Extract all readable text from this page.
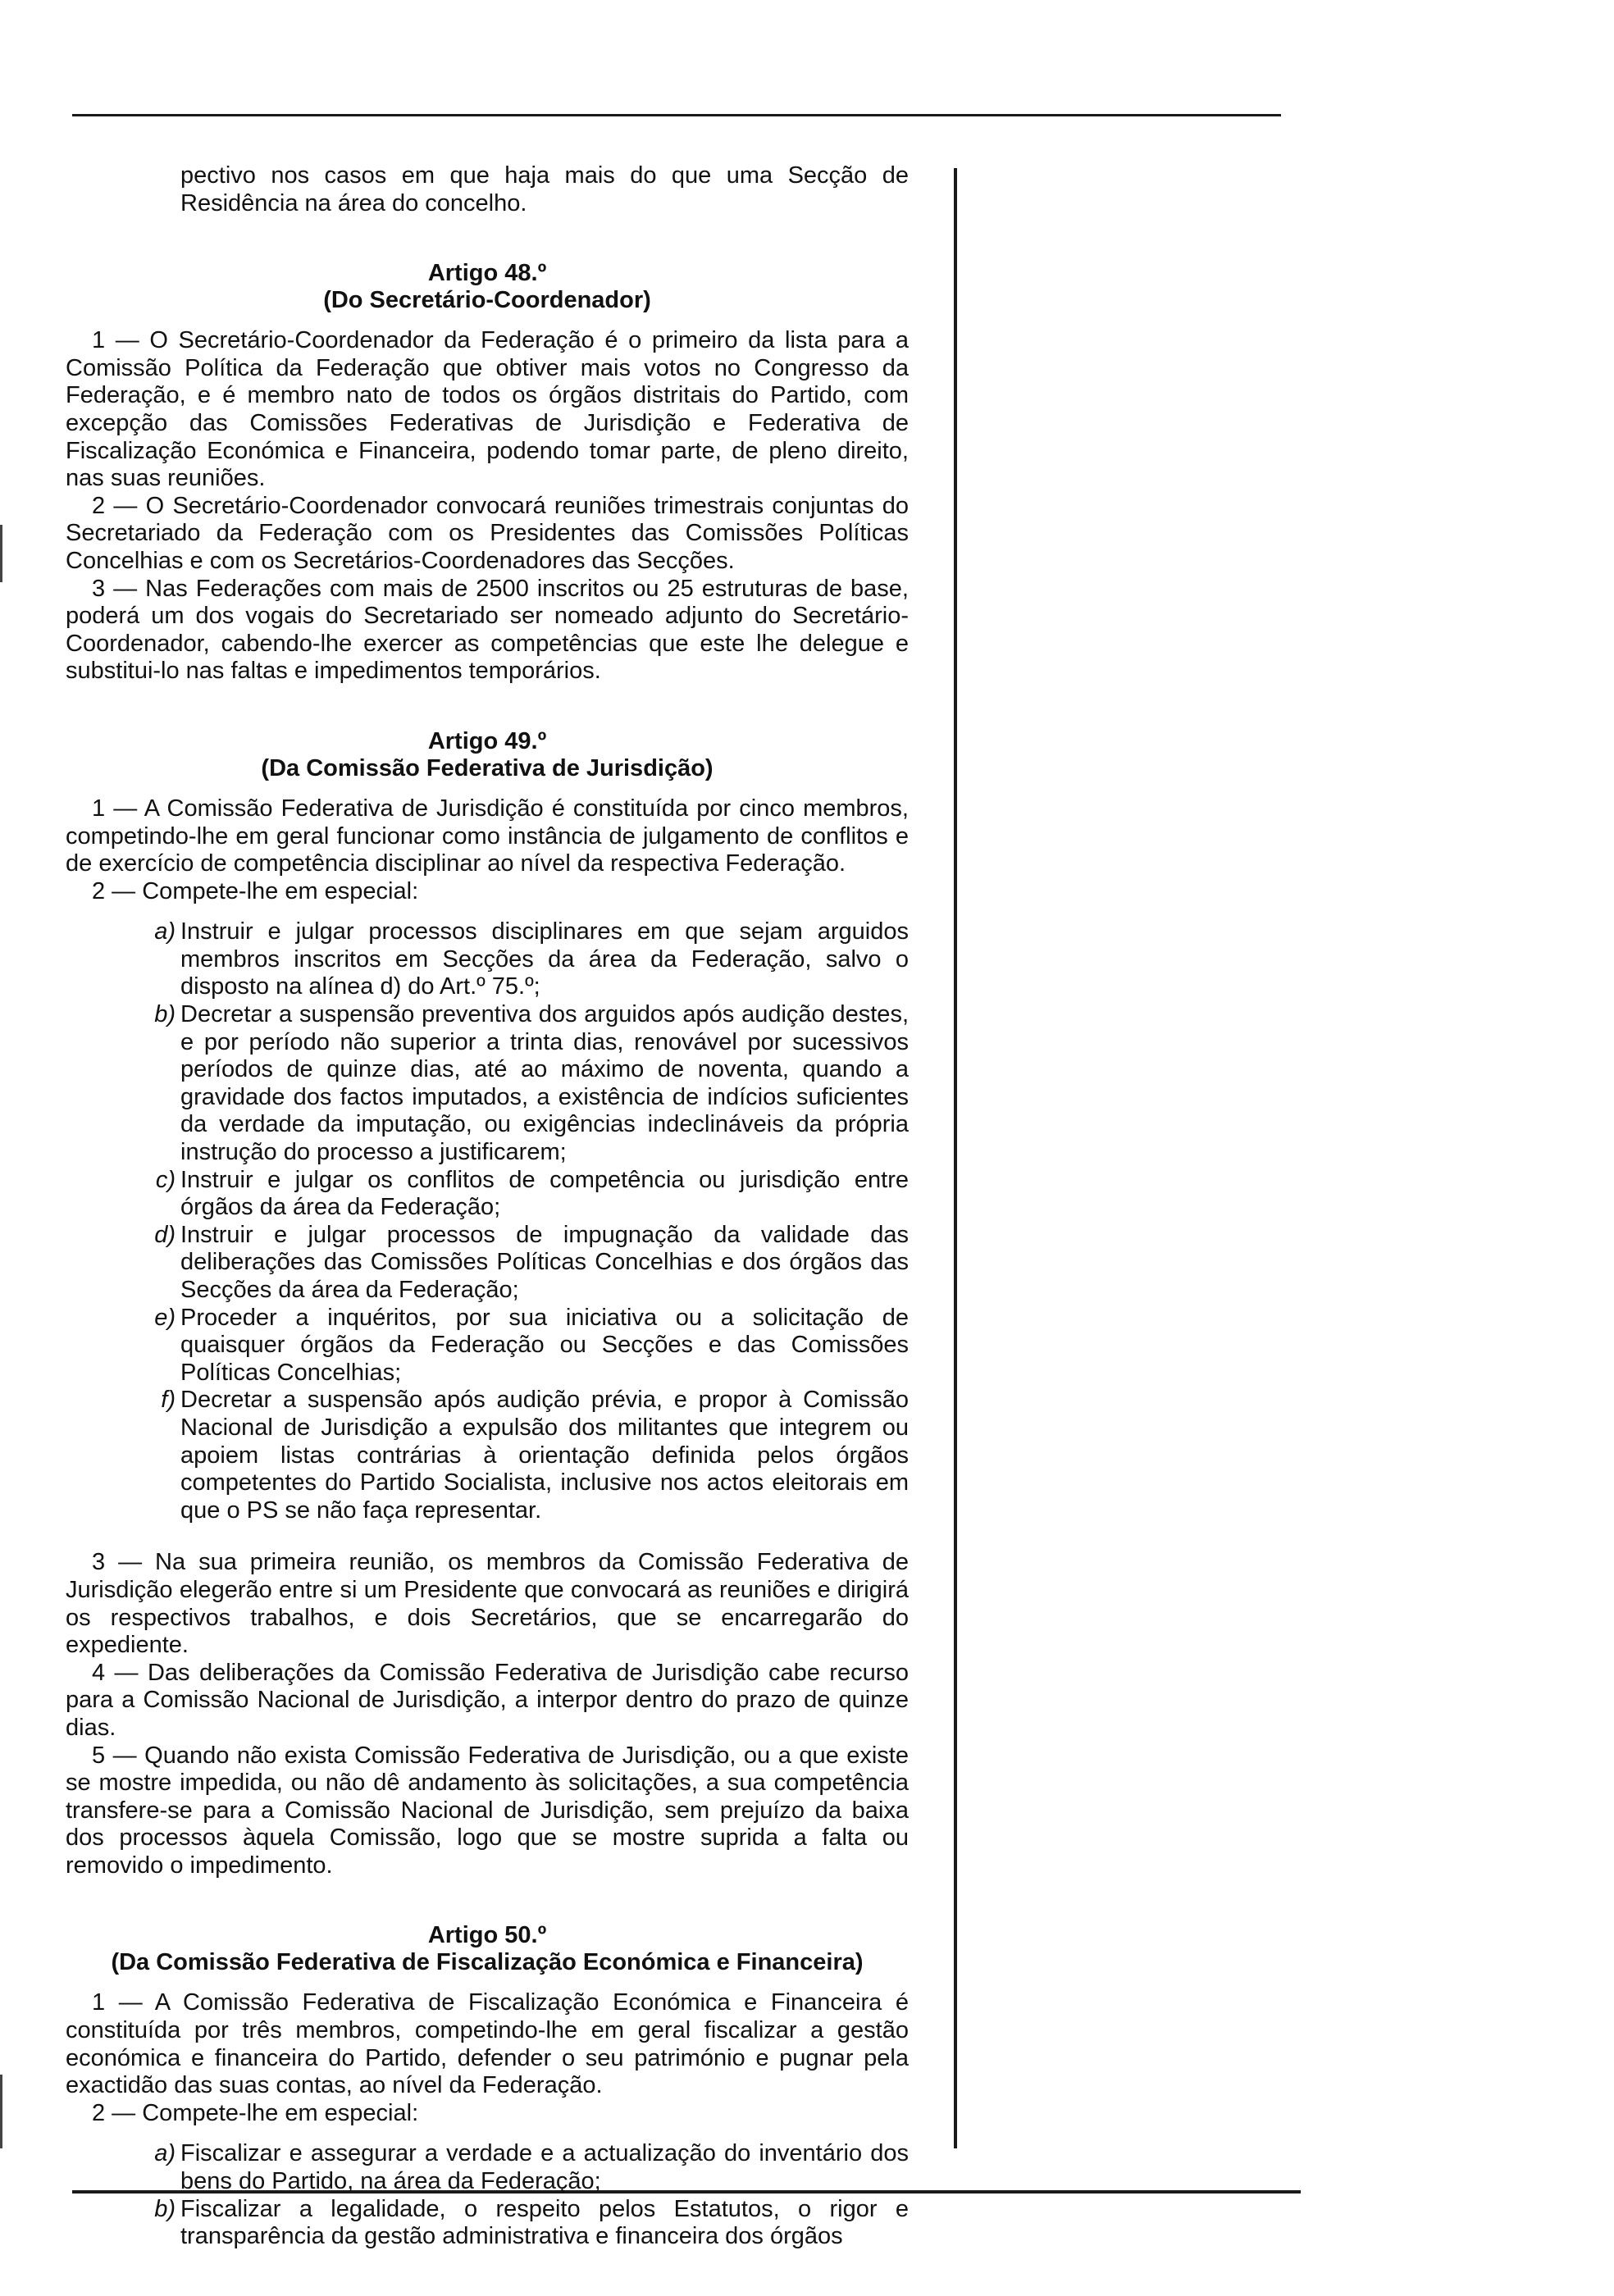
pectivo nos casos em que haja mais do que uma Secção de Residência na área do concelho.

Artigo 48.º
(Do Secretário-Coordenador)

1 — O Secretário-Coordenador da Federação é o primeiro da lista para a Comissão Política da Federação que obtiver mais votos no Congresso da Federação, e é membro nato de todos os órgãos distritais do Partido, com excepção das Comissões Federativas de Jurisdição e Federativa de Fiscalização Económica e Financeira, podendo tomar parte, de pleno direito, nas suas reuniões.

2 — O Secretário-Coordenador convocará reuniões trimestrais conjuntas do Secretariado da Federação com os Presidentes das Comissões Políticas Concelhias e com os Secretários-Coordenadores das Secções.

3 — Nas Federações com mais de 2500 inscritos ou 25 estruturas de base, poderá um dos vogais do Secretariado ser nomeado adjunto do Secretário-Coordenador, cabendo-lhe exercer as competências que este lhe delegue e substitui-lo nas faltas e impedimentos temporários.

Artigo 49.º
(Da Comissão Federativa de Jurisdição)

1 — A Comissão Federativa de Jurisdição é constituída por cinco membros, competindo-lhe em geral funcionar como instância de julgamento de conflitos e de exercício de competência disciplinar ao nível da respectiva Federação.

2 — Compete-lhe em especial:

a) Instruir e julgar processos disciplinares em que sejam arguidos membros inscritos em Secções da área da Federação, salvo o disposto na alínea d) do Art.º 75.º;
b) Decretar a suspensão preventiva dos arguidos após audição destes, e por período não superior a trinta dias, renovável por sucessivos períodos de quinze dias, até ao máximo de noventa, quando a gravidade dos factos imputados, a existência de indícios suficientes da verdade da imputação, ou exigências indeclináveis da própria instrução do processo a justificarem;
c) Instruir e julgar os conflitos de competência ou jurisdição entre órgãos da área da Federação;
d) Instruir e julgar processos de impugnação da validade das deliberações das Comissões Políticas Concelhias e dos órgãos das Secções da área da Federação;
e) Proceder a inquéritos, por sua iniciativa ou a solicitação de quaisquer órgãos da Federação ou Secções e das Comissões Políticas Concelhias;
f) Decretar a suspensão após audição prévia, e propor à Comissão Nacional de Jurisdição a expulsão dos militantes que integrem ou apoiem listas contrárias à orientação definida pelos órgãos competentes do Partido Socialista, inclusive nos actos eleitorais em que o PS se não faça representar.

3 — Na sua primeira reunião, os membros da Comissão Federativa de Jurisdição elegerão entre si um Presidente que convocará as reuniões e dirigirá os respectivos trabalhos, e dois Secretários, que se encarregarão do expediente.

4 — Das deliberações da Comissão Federativa de Jurisdição cabe recurso para a Comissão Nacional de Jurisdição, a interpor dentro do prazo de quinze dias.

5 — Quando não exista Comissão Federativa de Jurisdição, ou a que existe se mostre impedida, ou não dê andamento às solicitações, a sua competência transfere-se para a Comissão Nacional de Jurisdição, sem prejuízo da baixa dos processos àquela Comissão, logo que se mostre suprida a falta ou removido o impedimento.

Artigo 50.º
(Da Comissão Federativa de Fiscalização Económica e Financeira)

1 — A Comissão Federativa de Fiscalização Económica e Financeira é constituída por três membros, competindo-lhe em geral fiscalizar a gestão económica e financeira do Partido, defender o seu património e pugnar pela exactidão das suas contas, ao nível da Federação.

2 — Compete-lhe em especial:

a) Fiscalizar e assegurar a verdade e a actualização do inventário dos bens do Partido, na área da Federação;
b) Fiscalizar a legalidade, o respeito pelos Estatutos, o rigor e transparência da gestão administrativa e financeira dos órgãos
